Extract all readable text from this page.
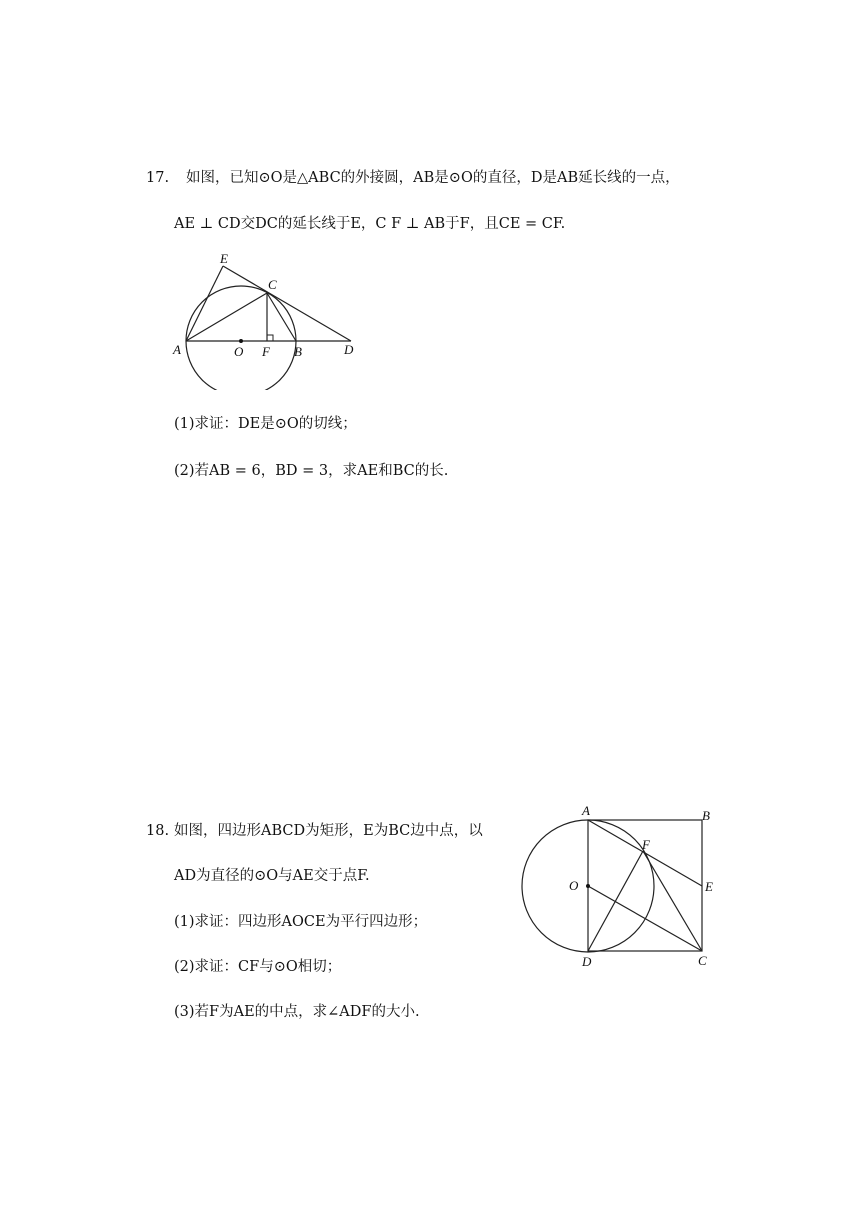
17. 如图，已知⊙O是△ABC的外接圆，AB是⊙O的直径，D是AB延长线的一点，
AE ⊥ CD交DC的延长线于E，C F ⊥ AB于F，且CE = CF.
E
C
A	O F B	D
(1)求证：DE是⊙O的切线；
(2)若AB = 6，BD = 3，求AE和BC的长.
18. 如图，四边形ABCD为矩形，E为BC边中点，以
AD为直径的⊙O与AE交于点F.
(1)求证：四边形AOCE为平行四边形；
(2)求证：CF与⊙O相切；
(3)若F为AE的中点，求∠ADF的大小.
A	B
F
O	E
D	C
